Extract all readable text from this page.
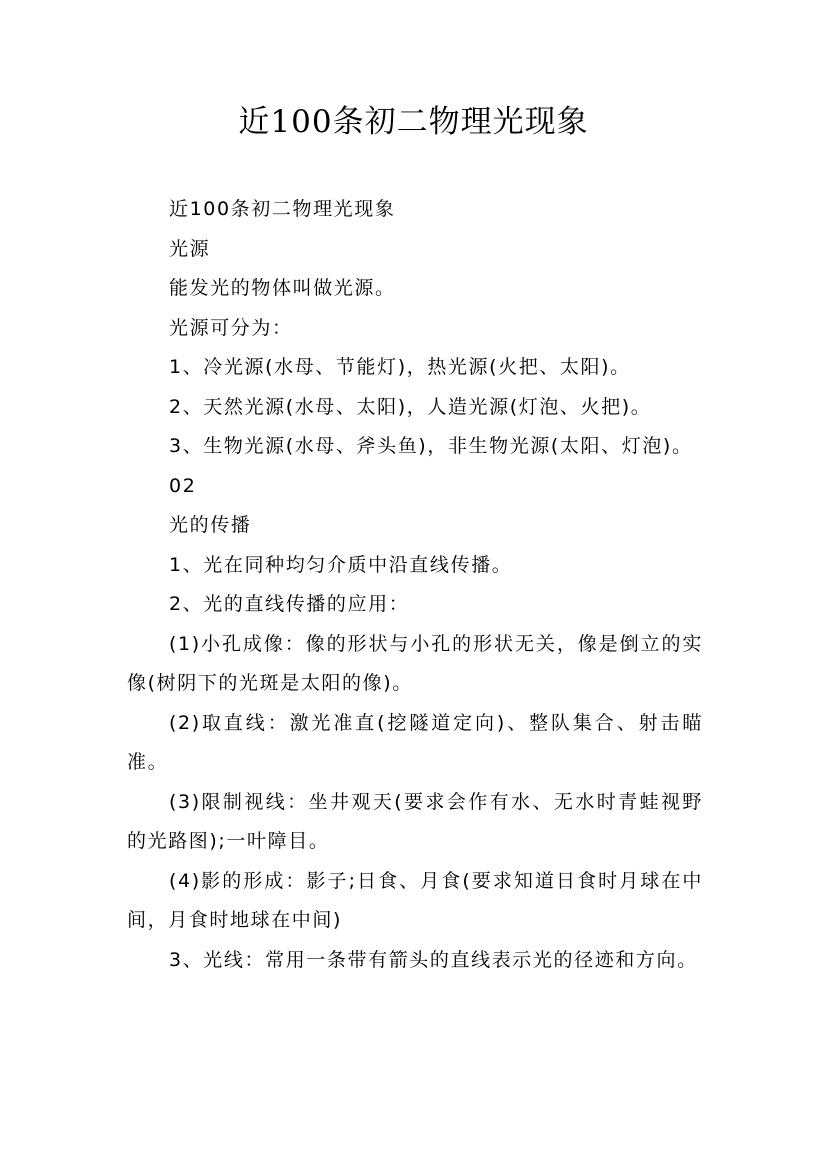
近100条初二物理光现象

近100条初二物理光现象

光源

能发光的物体叫做光源。

光源可分为：

1、冷光源(水母、节能灯)，热光源(火把、太阳)。

2、天然光源(水母、太阳)，人造光源(灯泡、火把)。

3、生物光源(水母、斧头鱼)，非生物光源(太阳、灯泡)。

02

光的传播

1、光在同种均匀介质中沿直线传播。

2、光的直线传播的应用：

(1)小孔成像：像的形状与小孔的形状无关，像是倒立的实像(树阴下的光斑是太阳的像)。

(2)取直线：激光准直(挖隧道定向)、整队集合、射击瞄准。

(3)限制视线：坐井观天(要求会作有水、无水时青蛙视野的光路图);一叶障目。

(4)影的形成：影子;日食、月食(要求知道日食时月球在中间，月食时地球在中间)

3、光线：常用一条带有箭头的直线表示光的径迹和方向。
